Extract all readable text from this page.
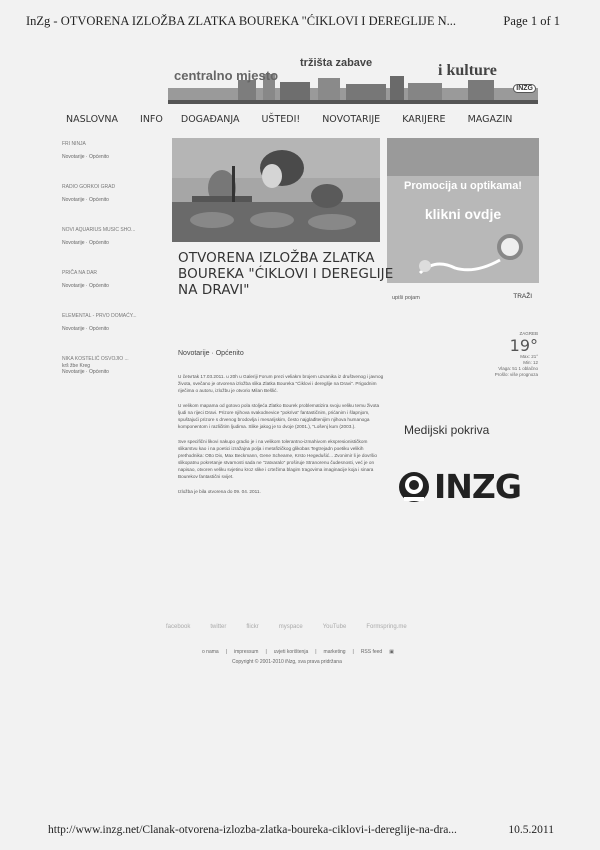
InZg - OTVORENA IZLOŽBA ZLATKA BOUREKA "ĆIKLOVI I DEREGLIJE N...	Page 1 of 1
centralno mjesto
tržišta zabave	i kulture
INZG
NASLOVNA INFO DOGAĐANJA UŠTEDI! NOVOTARIJE KARIJERE MAGAZIN
FRI NINJA
Novotarije · Općenito
RADIO GORKOI GRAD
Novotarije · Općenito
NOVI AQUARIUS MUSIC SHO...
Novotarije · Općenito
PRIČA NA DAR
Novotarije · Općenito
ELEMENTAL - PRVO DOMAĆY...
Novotarije · Općenito
NIKA KOSTELIĆ OSVOJIO ...
krš žbe Kreg
Novotarije · Općenito
Promocija u optikama!
klikni ovdje
upiši pojam	TRAŽI
OTVORENA IZLOŽBA ZLATKA BOUREKA "ĆIKLOVI I DEREGLIJE NA DRAVI"
Novotarije · Općenito

U četvrtak 17.03.2011. u 20h u Galeriji Forum prezi veliakm brojem uzvanika iz društvenog i javnog života, svečano je otvorena izložba slika Zlatka Boureka "Ćiklovi i dereglije na Dravi". Prigodnim riječima o autoru, izložbu je otvorio Milan Bešlić.

U velikom mapama od gotovo pola stoljeća Zlatko Bourek problematizira svoju veliku temu života ljudi na rijeci Dravi. Prizore njihova svakodnevice "pokriva" fantastičnim, prićanim i šlapnjom, spuštajući prizore s drvenog brodovlja i mesarijskim, često najglađitenijim njihova humanoga komponentom i različitim ljudima. Slike jakog je to dvoje (2001.), "Lošenj kum (2003.).

Sve specifični likovi nakupo gradio je i na velikom tolerantno-izmahivom ekspresionističkom slikarstvu kao i na poetici izražajna polja i metafizičkog glikobas Tegtrejadn poetiku velikih prethodnika: Otto Dix, Max Beckmann, Gene Scheame, Krsto Hegedušić... Zvonimir li je dovršio slikopatnu pokretanje stvarnosti sada ne "zatvaralo" proširuje Stranorenu čudesnosti, već je on napisao, otvoren veliku svjetinu kroz slike i crtežima blagim tragovima imaginacije koja i sinara Bourekov fantastični svijet.

Izložba je bila otvorena do 09. 04. 2011.

ZAGREB
19°
Max: 21°
Min: 12
Vlaga: 51 1 oblačno
Prošlo: više prognoza
Medijski pokriva
INZG
facebook	twitter	flickr	myspace	YouTube	Formspring.me
o nama | impressum | uvjeti korištenja | marketing | RSS feed ▣
Copyright © 2001-2010 iNzg, sva prava pridržana
http://www.inzg.net/Clanak-otvorena-izlozba-zlatka-boureka-ciklovi-i-dereglije-na-dra...	10.5.2011
